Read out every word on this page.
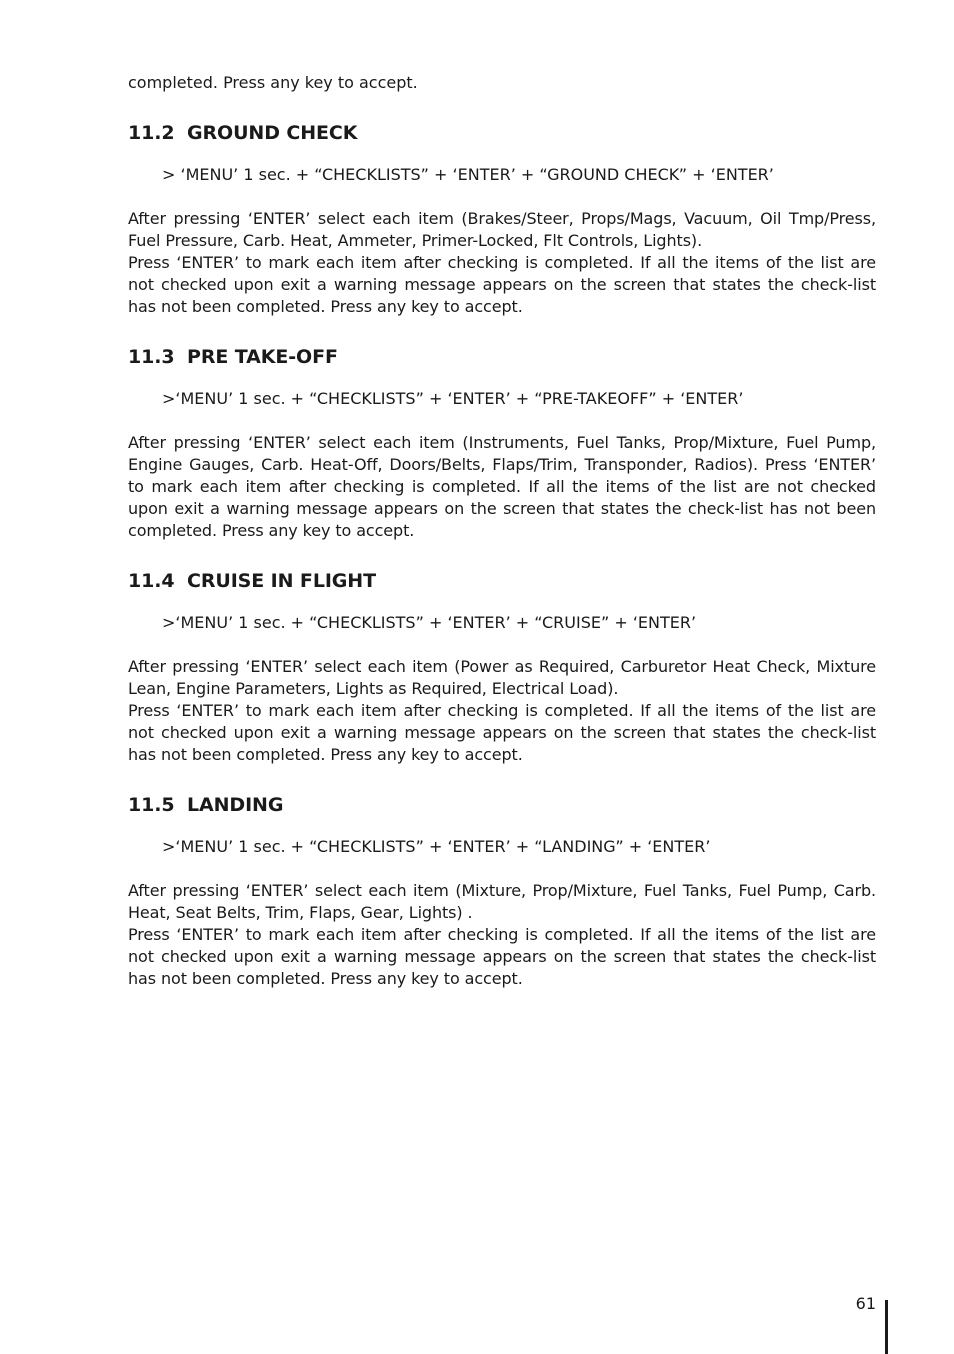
completed. Press any key to accept.

11.2 GROUND CHECK

> ‘MENU’ 1 sec. + “CHECKLISTS” + ‘ENTER’ + “GROUND CHECK” + ‘ENTER’

After pressing ‘ENTER’ select each item (Brakes/Steer, Props/Mags, Vacuum, Oil Tmp/Press, Fuel Pressure, Carb. Heat, Ammeter, Primer-Locked, Flt Controls, Lights).

Press ‘ENTER’ to mark each item after checking is completed. If all the items of the list are not checked upon exit a warning message appears on the screen that states the check-list has not been completed. Press any key to accept.

11.3 PRE TAKE-OFF

>‘MENU’ 1 sec. + “CHECKLISTS” + ‘ENTER’ + “PRE-TAKEOFF” + ‘ENTER’

After pressing ‘ENTER’ select each item (Instruments, Fuel Tanks, Prop/Mixture, Fuel Pump, Engine Gauges, Carb. Heat-Off, Doors/Belts, Flaps/Trim, Transponder, Radios). Press ‘ENTER’ to mark each item after checking is completed. If all the items of the list are not checked upon exit a warning message appears on the screen that states the check-list has not been completed. Press any key to accept.

11.4 CRUISE IN FLIGHT

>‘MENU’ 1 sec. + “CHECKLISTS” + ‘ENTER’ + “CRUISE” + ‘ENTER’

After pressing ‘ENTER’ select each item (Power as Required, Carburetor Heat Check, Mixture Lean, Engine Parameters, Lights as Required, Electrical Load).

Press ‘ENTER’ to mark each item after checking is completed. If all the items of the list are not checked upon exit a warning message appears on the screen that states the check-list has not been completed. Press any key to accept.

11.5 LANDING

>‘MENU’ 1 sec. + “CHECKLISTS” + ‘ENTER’ + “LANDING” + ‘ENTER’

After pressing ‘ENTER’ select each item (Mixture, Prop/Mixture, Fuel Tanks, Fuel Pump, Carb. Heat, Seat Belts, Trim, Flaps, Gear, Lights) .

Press ‘ENTER’ to mark each item after checking is completed. If all the items of the list are not checked upon exit a warning message appears on the screen that states the check-list has not been completed. Press any key to accept.

61
